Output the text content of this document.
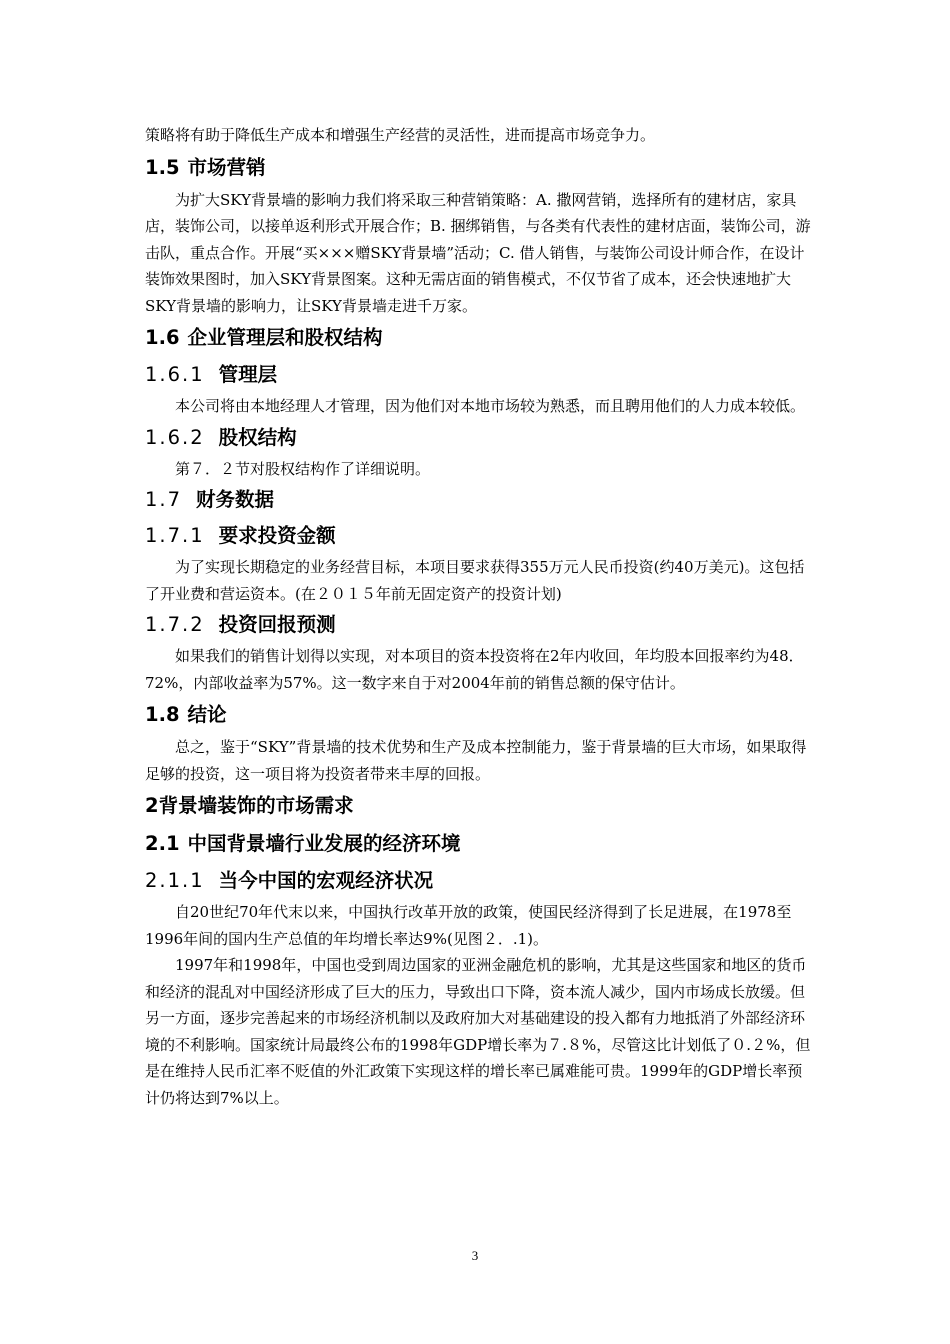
策略将有助于降低生产成本和增强生产经营的灵活性，进而提高市场竞争力。

1.5 市场营销

为扩大SKY背景墙的影响力我们将采取三种营销策略：A. 撒网营销，选择所有的建材店，家具店，装饰公司，以接单返利形式开展合作；B. 捆绑销售，与各类有代表性的建材店面，装饰公司，游击队，重点合作。开展“买×××赠SKY背景墙”活动；C. 借人销售，与装饰公司设计师合作，在设计装饰效果图时，加入SKY背景图案。这种无需店面的销售模式，不仅节省了成本，还会快速地扩大SKY背景墙的影响力，让SKY背景墙走进千万家。

1.6 企业管理层和股权结构
1.6.1 管理层

本公司将由本地经理人才管理，因为他们对本地市场较为熟悉，而且聘用他们的人力成本较低。

1.6.2 股权结构

第７．２节对股权结构作了详细说明。

1.7 财务数据
1.7.1 要求投资金额

为了实现长期稳定的业务经营目标，本项目要求获得355万元人民币投资(约40万美元)。这包括了开业费和营运资本。(在２０１５年前无固定资产的投资计划)

1.7.2 投资回报预测

如果我们的销售计划得以实现，对本项目的资本投资将在2年内收回，年均股本回报率约为48．72%，内部收益率为57%。这一数字来自于对2004年前的销售总额的保守估计。

1.8 结论

总之，鉴于“SKY”背景墙的技术优势和生产及成本控制能力，鉴于背景墙的巨大市场，如果取得足够的投资，这一项目将为投资者带来丰厚的回报。

2背景墙装饰的市场需求
2.1 中国背景墙行业发展的经济环境
2.1.1 当今中国的宏观经济状况

自20世纪70年代末以来，中国执行改革开放的政策，使国民经济得到了长足进展，在1978至1996年间的国内生产总值的年均增长率达9%(见图２．.1)。

1997年和1998年，中国也受到周边国家的亚洲金融危机的影响，尤其是这些国家和地区的货币和经济的混乱对中国经济形成了巨大的压力，导致出口下降，资本流人减少，国内市场成长放缓。但另一方面，逐步完善起来的市场经济机制以及政府加大对基础建设的投入都有力地抵消了外部经济环境的不利影响。国家统计局最终公布的1998年GDP增长率为７.８%，尽管这比计划低了０.２%，但是在维持人民币汇率不贬值的外汇政策下实现这样的增长率已属难能可贵。1999年的GDP增长率预计仍将达到7%以上。

3
